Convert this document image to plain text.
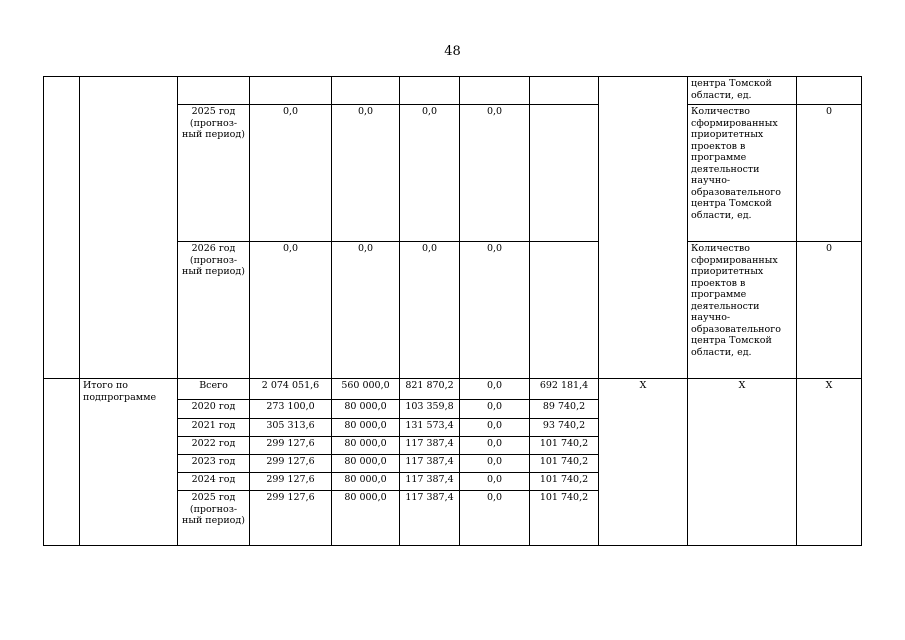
48
									центра Томской области, ед.	
		2025 год (прогноз-ный период)	0,0	0,0	0,0	0,0			Количество сформированных приоритетных проектов в программе деятельности научно-образовательного центра Томской области, ед.	0
		2026 год (прогноз-ный период)	0,0	0,0	0,0	0,0			Количество сформированных приоритетных проектов в программе деятельности научно-образовательного центра Томской области, ед.	0
	Итого по подпрограмме	Всего	2 074 051,6	560 000,0	821 870,2	0,0	692 181,4	Х	Х	Х
		2020 год	273 100,0	80 000,0	103 359,8	0,0	89 740,2			
		2021 год	305 313,6	80 000,0	131 573,4	0,0	93 740,2			
		2022 год	299 127,6	80 000,0	117 387,4	0,0	101 740,2			
		2023 год	299 127,6	80 000,0	117 387,4	0,0	101 740,2			
		2024 год	299 127,6	80 000,0	117 387,4	0,0	101 740,2			
		2025 год (прогноз-ный период)	299 127,6	80 000,0	117 387,4	0,0	101 740,2			
